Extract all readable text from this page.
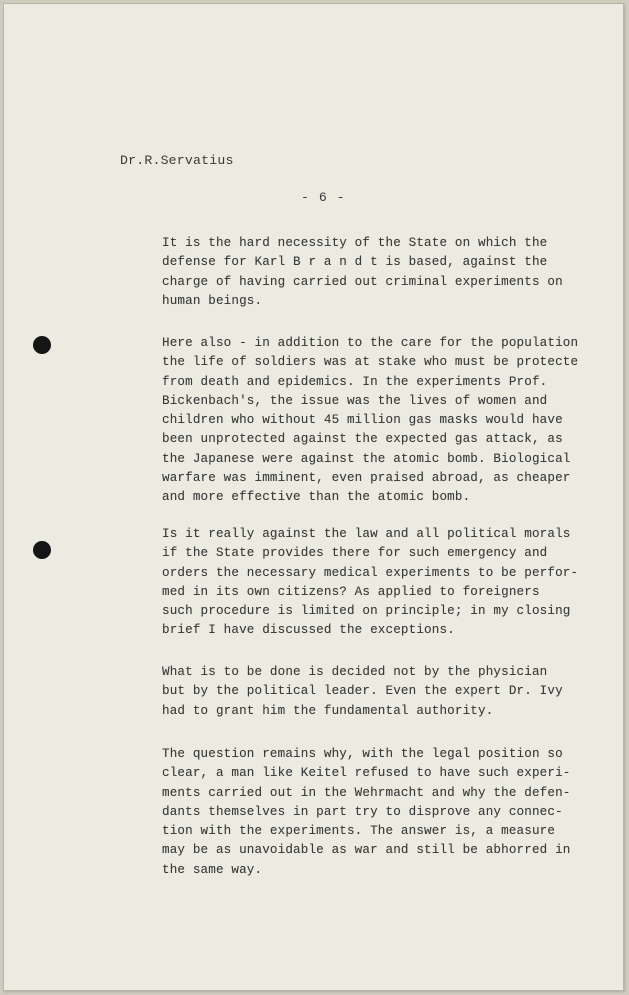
Dr.R.Servatius
- 6 -
It is the hard necessity of the State on which the
defense for Karl B r a n d t is based, against the
charge of having carried out criminal experiments on
human beings.
Here also - in addition to the care for the population
the life of soldiers was at stake who must be protecte
from death and epidemics. In the experiments Prof.
Bickenbach's, the issue was the lives of women and
children who without 45 million gas masks would have
been unprotected against the expected gas attack, as
the Japanese were against the atomic bomb. Biological
warfare was imminent, even praised abroad, as cheaper
and more effective than the atomic bomb.
Is it really against the law and all political morals
if the State provides there for such emergency and
orders the necessary medical experiments to be perfor-
med in its own citizens? As applied to foreigners
such procedure is limited on principle; in my closing
brief I have discussed the exceptions.
What is to be done is decided not by the physician
but by the political leader. Even the expert Dr. Ivy
had to grant him the fundamental authority.
The question remains why, with the legal position so
clear, a man like Keitel refused to have such experi-
ments carried out in the Wehrmacht and why the defen-
dants themselves in part try to disprove any connec-
tion with the experiments. The answer is, a measure
may be as unavoidable as war and still be abhorred in
the same way.
